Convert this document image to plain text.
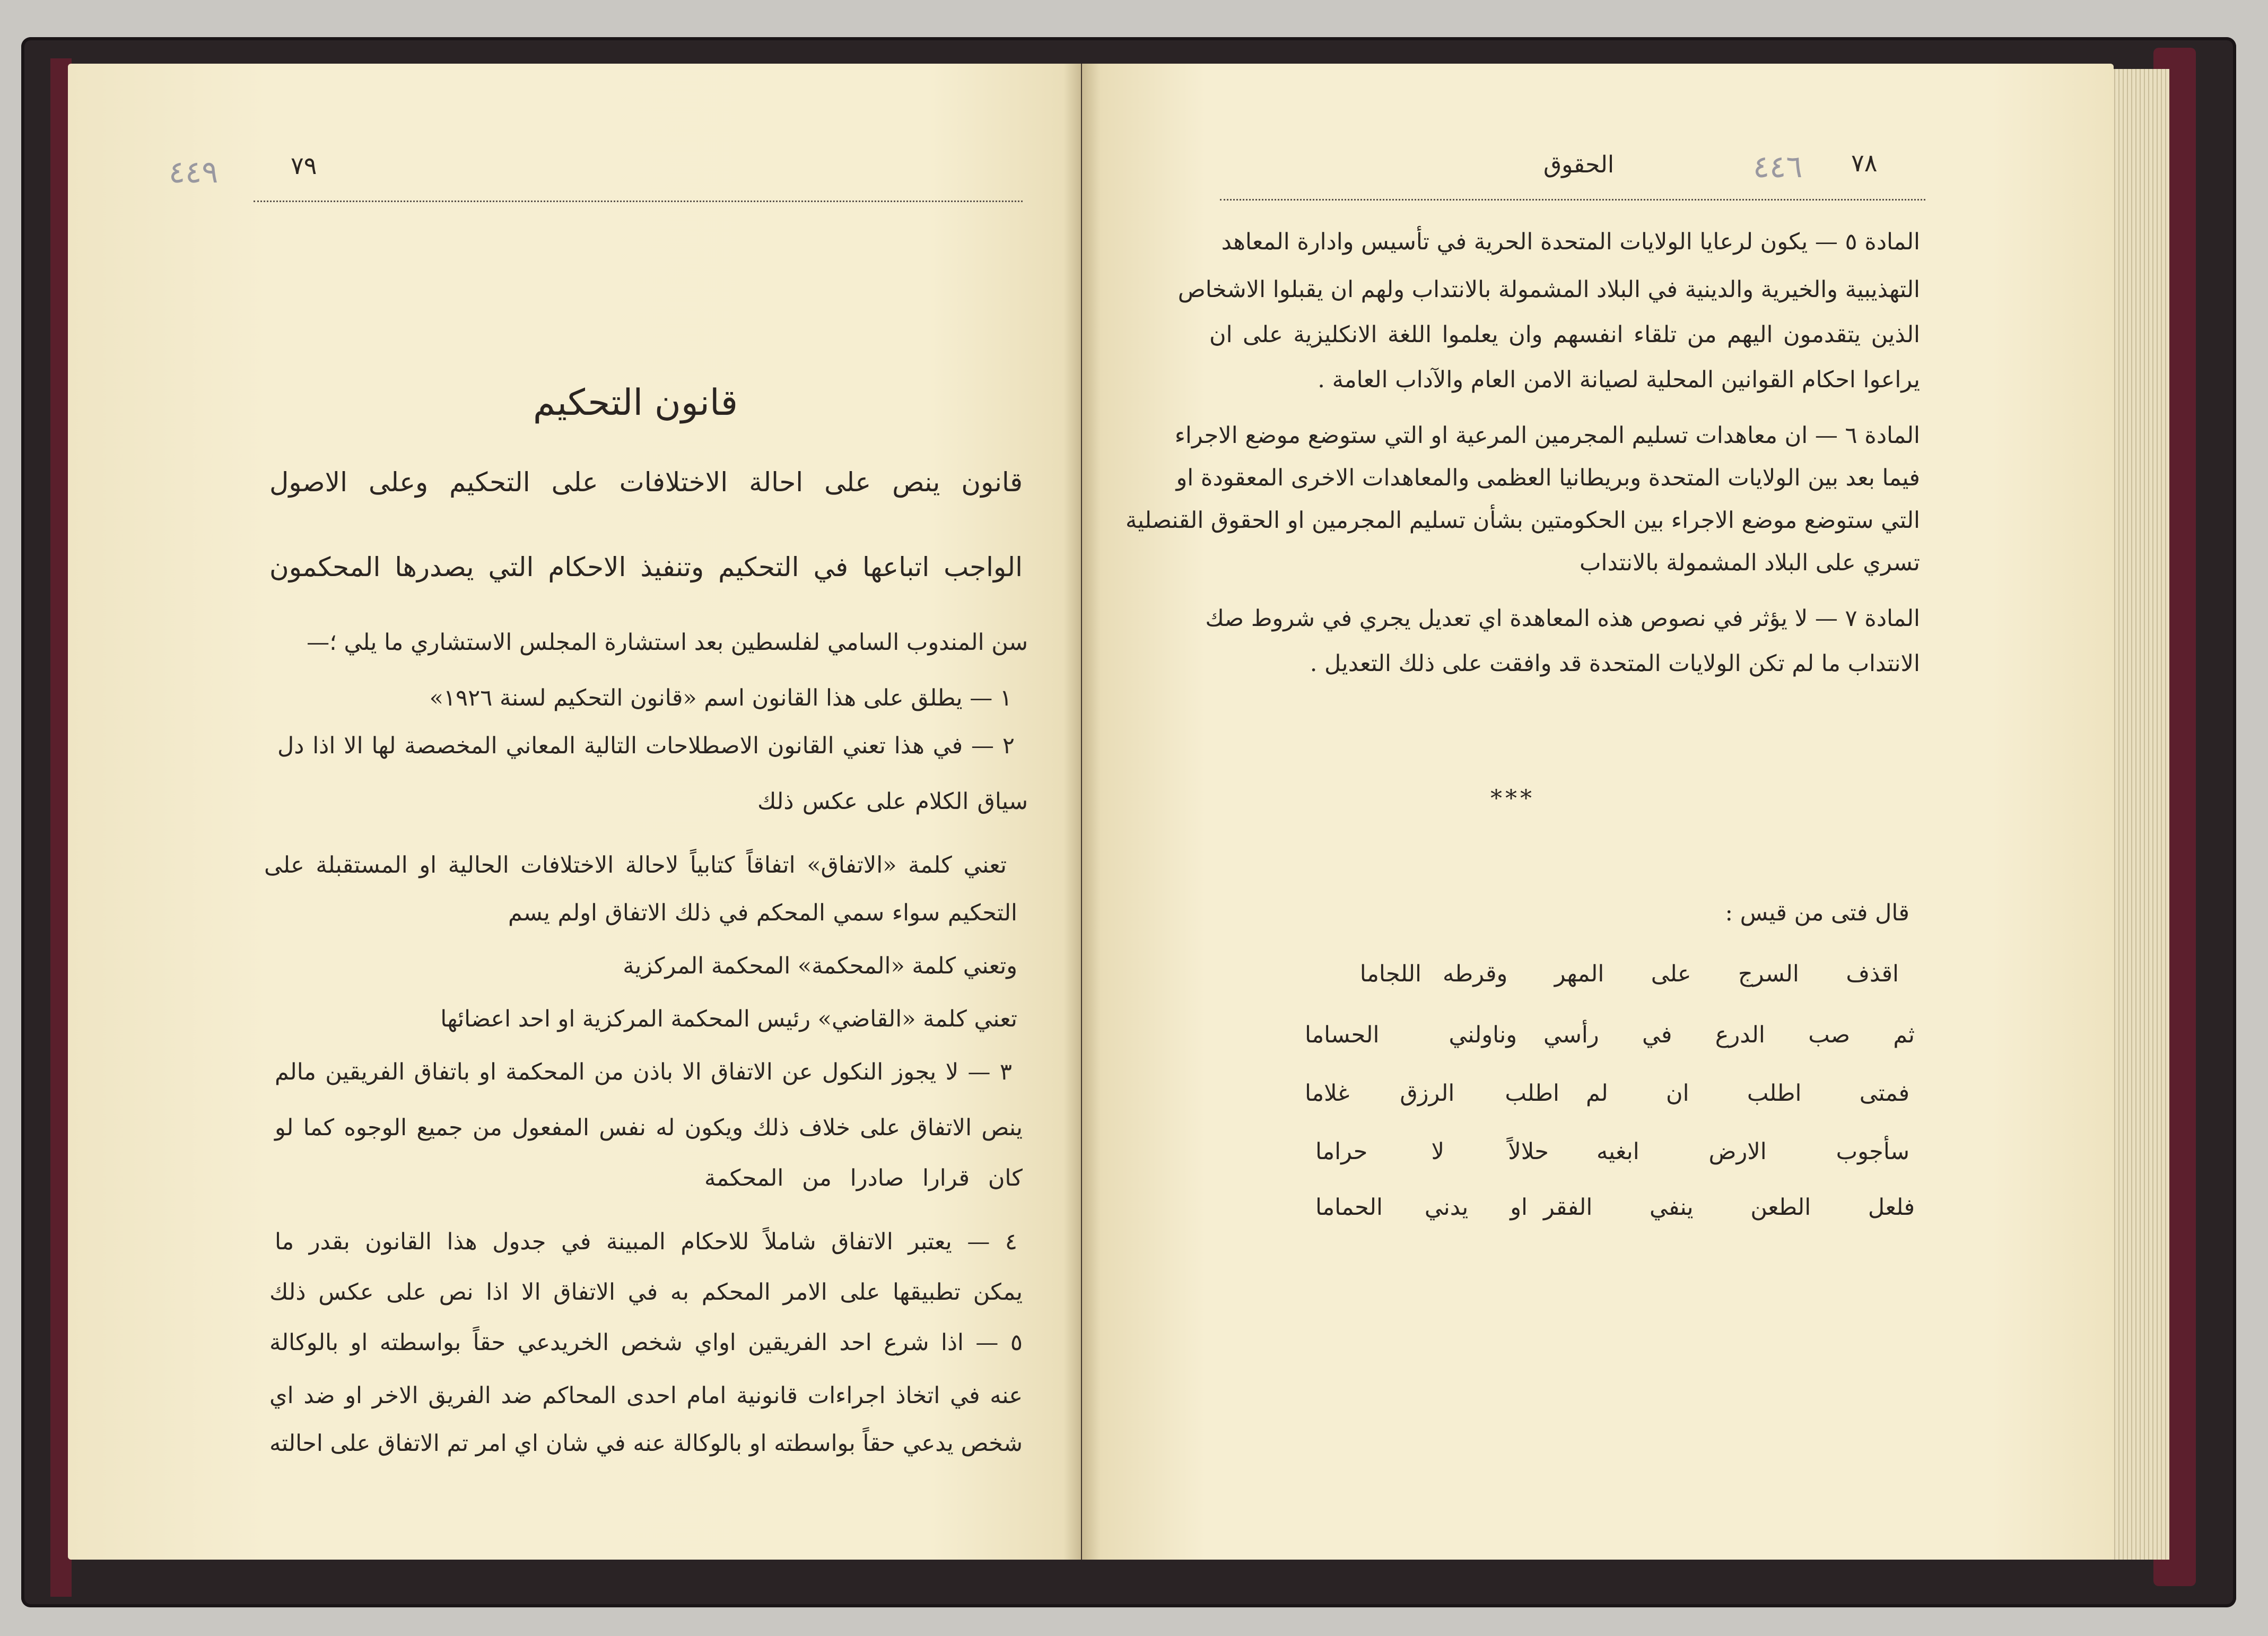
٤٤٩	٧٩
قانون التحكيم
قانون ينص على احالة الاختلافات على التحكيم وعلى الاصول
الواجب اتباعها في التحكيم وتنفيذ الاحكام التي يصدرها المحكمون
سن المندوب السامي لفلسطين بعد استشارة المجلس الاستشاري ما يلي ؛—
١ — يطلق على هذا القانون اسم «قانون التحكيم لسنة ١٩٢٦»
٢ — في هذا تعني القانون الاصطلاحات التالية المعاني المخصصة لها الا اذا دل
سياق الكلام على عكس ذلك
تعني كلمة «الاتفاق» اتفاقاً كتابياً لاحالة الاختلافات الحالية او المستقبلة على
التحكيم سواء سمي المحكم في ذلك الاتفاق اولم يسم
وتعني كلمة «المحكمة» المحكمة المركزية
تعني كلمة «القاضي» رئيس المحكمة المركزية او احد اعضائها
٣ — لا يجوز النكول عن الاتفاق الا باذن من المحكمة او باتفاق الفريقين مالم
ينص الاتفاق على خلاف ذلك ويكون له نفس المفعول من جميع الوجوه كما لو
كان قرارا صادرا من المحكمة
٤ — يعتبر الاتفاق شاملاً للاحكام المبينة في جدول هذا القانون بقدر ما
يمكن تطبيقها على الامر المحكم به في الاتفاق الا اذا نص على عكس ذلك
٥ — اذا شرع احد الفريقين اواي شخص الخريدعي حقاً بواسطته او بالوكالة
عنه في اتخاذ اجراءات قانونية امام احدى المحاكم ضد الفريق الاخر او ضد اي
شخص يدعي حقاً بواسطته او بالوكالة عنه في شان اي امر تم الاتفاق على احالته
٧٨
٤٤٦
الحقوق
المادة ٥ — يكون لرعايا الولايات المتحدة الحرية في تأسيس وادارة المعاهد
التهذيبية والخيرية والدينية في البلاد المشمولة بالانتداب ولهم ان يقبلوا الاشخاص
الذين يتقدمون اليهم من تلقاء انفسهم وان يعلموا اللغة الانكليزية على ان
يراعوا احكام القوانين المحلية لصيانة الامن العام والآداب العامة .
المادة ٦ — ان معاهدات تسليم المجرمين المرعية او التي ستوضع موضع الاجراء
فيما بعد بين الولايات المتحدة وبريطانيا العظمى والمعاهدات الاخرى المعقودة او
التي ستوضع موضع الاجراء بين الحكومتين بشأن تسليم المجرمين او الحقوق القنصلية
تسري على البلاد المشمولة بالانتداب
المادة ٧ — لا يؤثر في نصوص هذه المعاهدة اي تعديل يجري في شروط صك
الانتداب ما لم تكن الولايات المتحدة قد وافقت على ذلك التعديل .
***
قال فتى من قيس :
اقذف السرج على المهر وقرطه
اللجاما
ثم صب الدرع في رأسي
وناولني الحساما
فمتى اطلب ان لم
اطلب الرزق غلاما
سأجوب الارض ابغيه
حلالاً لا حراما
فلعل الطعن ينفي الفقر
او يدني الحماما
